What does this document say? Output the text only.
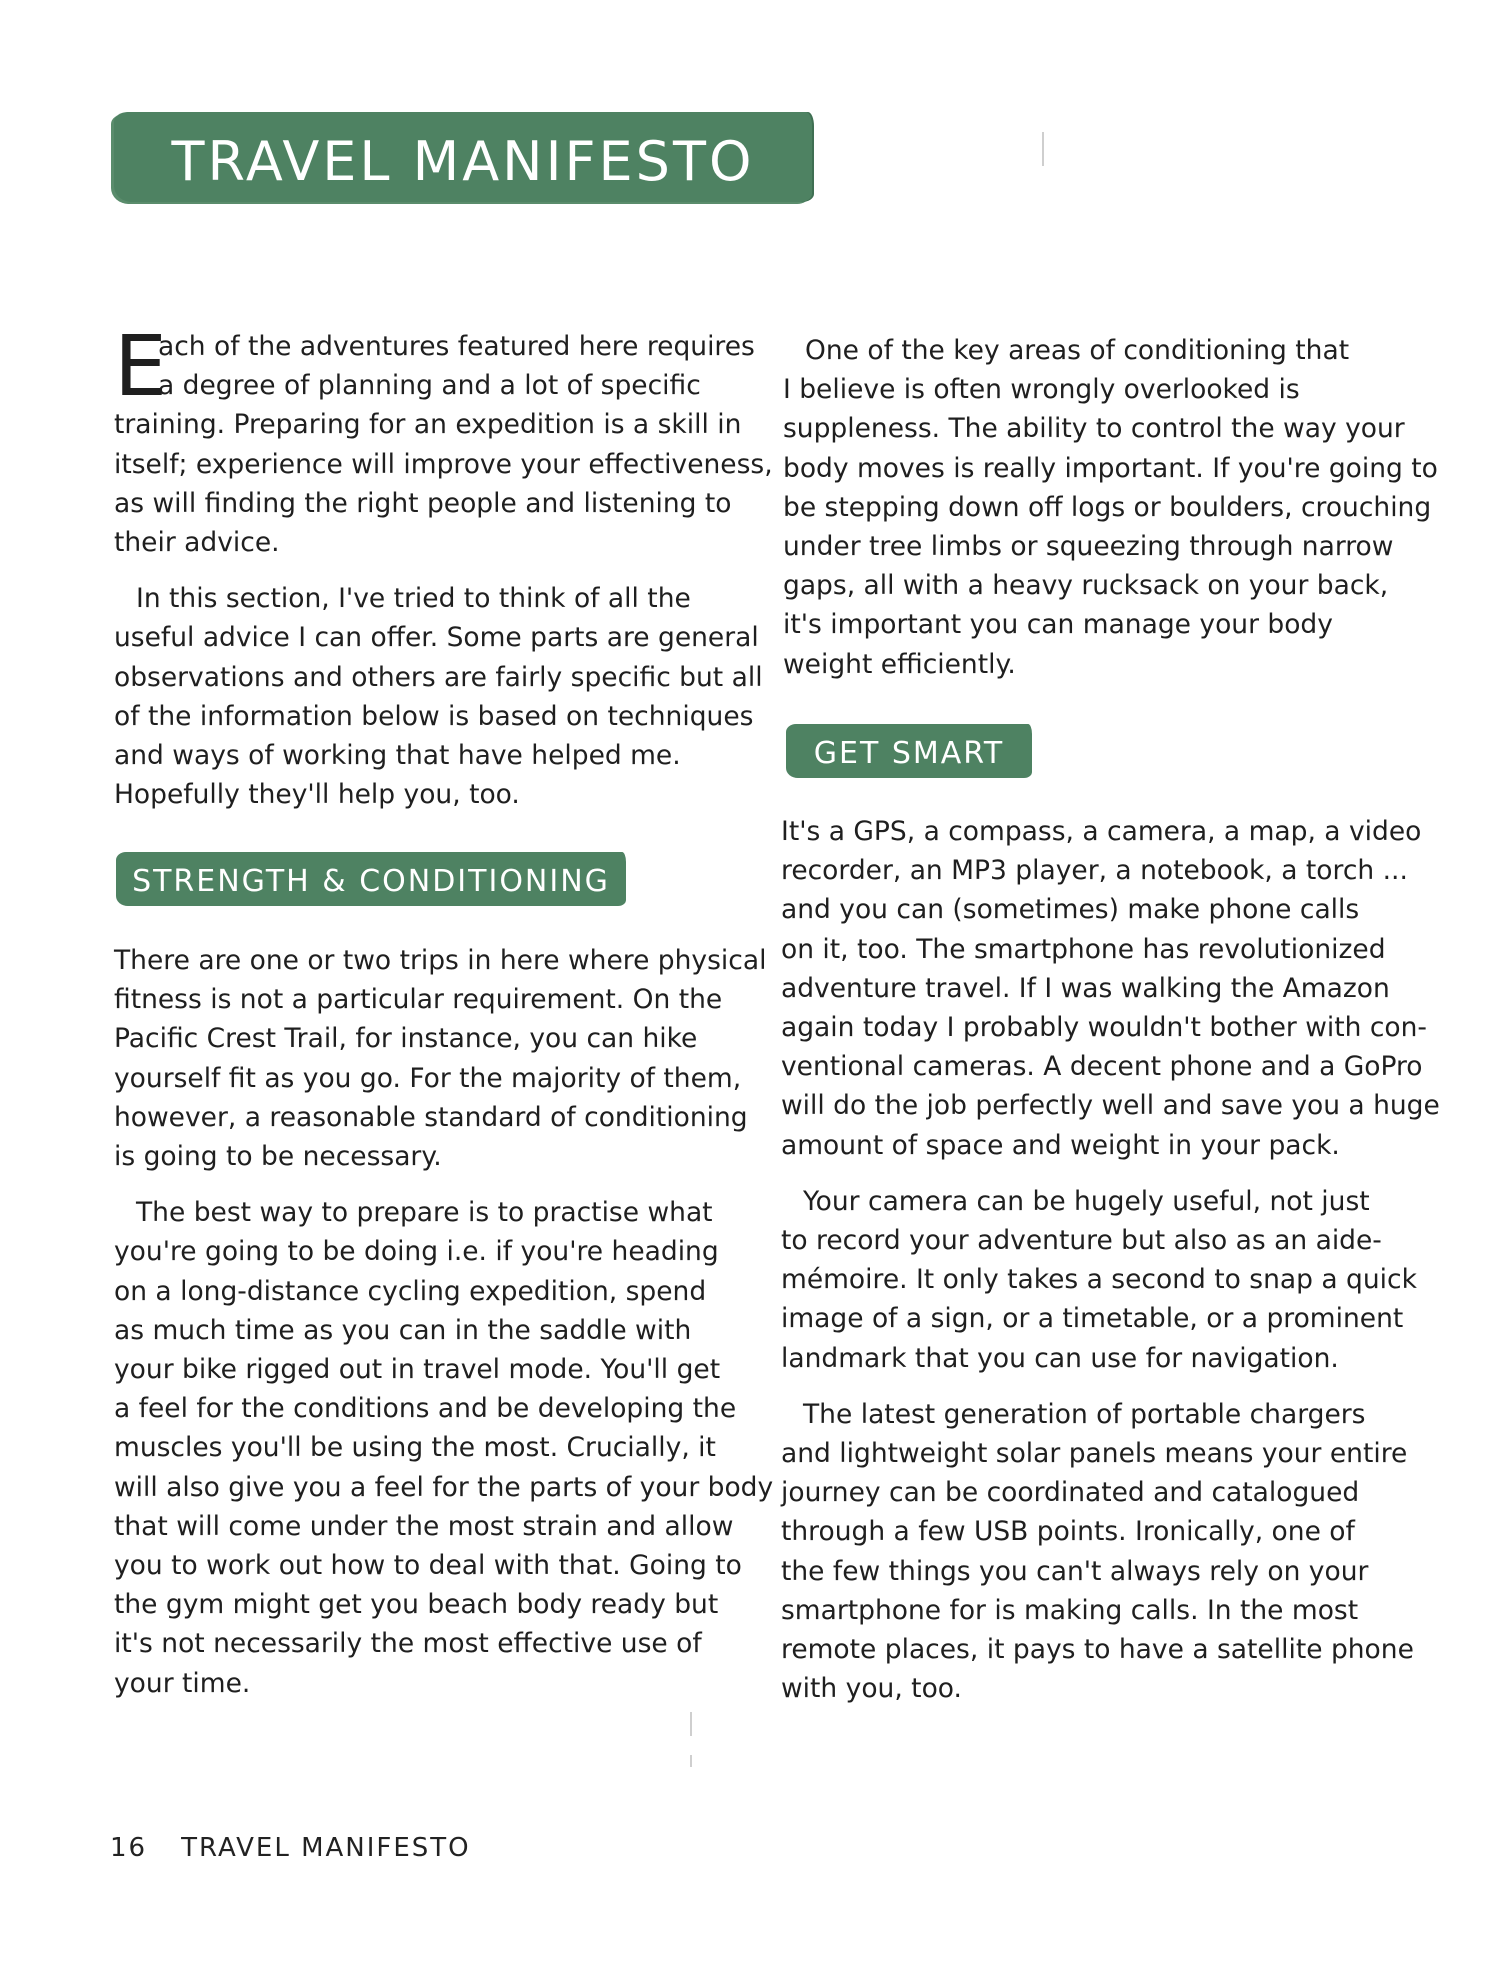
TRAVEL MANIFESTO
E

ach of the adventures featured here requires

a degree of planning and a lot of specific

training. Preparing for an expedition is a skill in

itself; experience will improve your effectiveness,

as will finding the right people and listening to

their advice.

In this section, I've tried to think of all the

useful advice I can offer. Some parts are general

observations and others are fairly specific but all

of the information below is based on techniques

and ways of working that have helped me.

Hopefully they'll help you, too.

STRENGTH & CONDITIONING

There are one or two trips in here where physical

fitness is not a particular requirement. On the

Pacific Crest Trail, for instance, you can hike

yourself fit as you go. For the majority of them,

however, a reasonable standard of conditioning

is going to be necessary.

The best way to prepare is to practise what

you're going to be doing i.e. if you're heading

on a long-distance cycling expedition, spend

as much time as you can in the saddle with

your bike rigged out in travel mode. You'll get

a feel for the conditions and be developing the

muscles you'll be using the most. Crucially, it

will also give you a feel for the parts of your body

that will come under the most strain and allow

you to work out how to deal with that. Going to

the gym might get you beach body ready but

it's not necessarily the most effective use of

your time.

One of the key areas of conditioning that

I believe is often wrongly overlooked is

suppleness. The ability to control the way your

body moves is really important. If you're going to

be stepping down off logs or boulders, crouching

under tree limbs or squeezing through narrow

gaps, all with a heavy rucksack on your back,

it's important you can manage your body

weight efficiently.

GET SMART

It's a GPS, a compass, a camera, a map, a video

recorder, an MP3 player, a notebook, a torch ...

and you can (sometimes) make phone calls

on it, too. The smartphone has revolutionized

adventure travel. If I was walking the Amazon

again today I probably wouldn't bother with con-

ventional cameras. A decent phone and a GoPro

will do the job perfectly well and save you a huge

amount of space and weight in your pack.

Your camera can be hugely useful, not just

to record your adventure but also as an aide-

mémoire. It only takes a second to snap a quick

image of a sign, or a timetable, or a prominent

landmark that you can use for navigation.

The latest generation of portable chargers

and lightweight solar panels means your entire

journey can be coordinated and catalogued

through a few USB points. Ironically, one of

the few things you can't always rely on your

smartphone for is making calls. In the most

remote places, it pays to have a satellite phone

with you, too.

16 TRAVEL MANIFESTO
